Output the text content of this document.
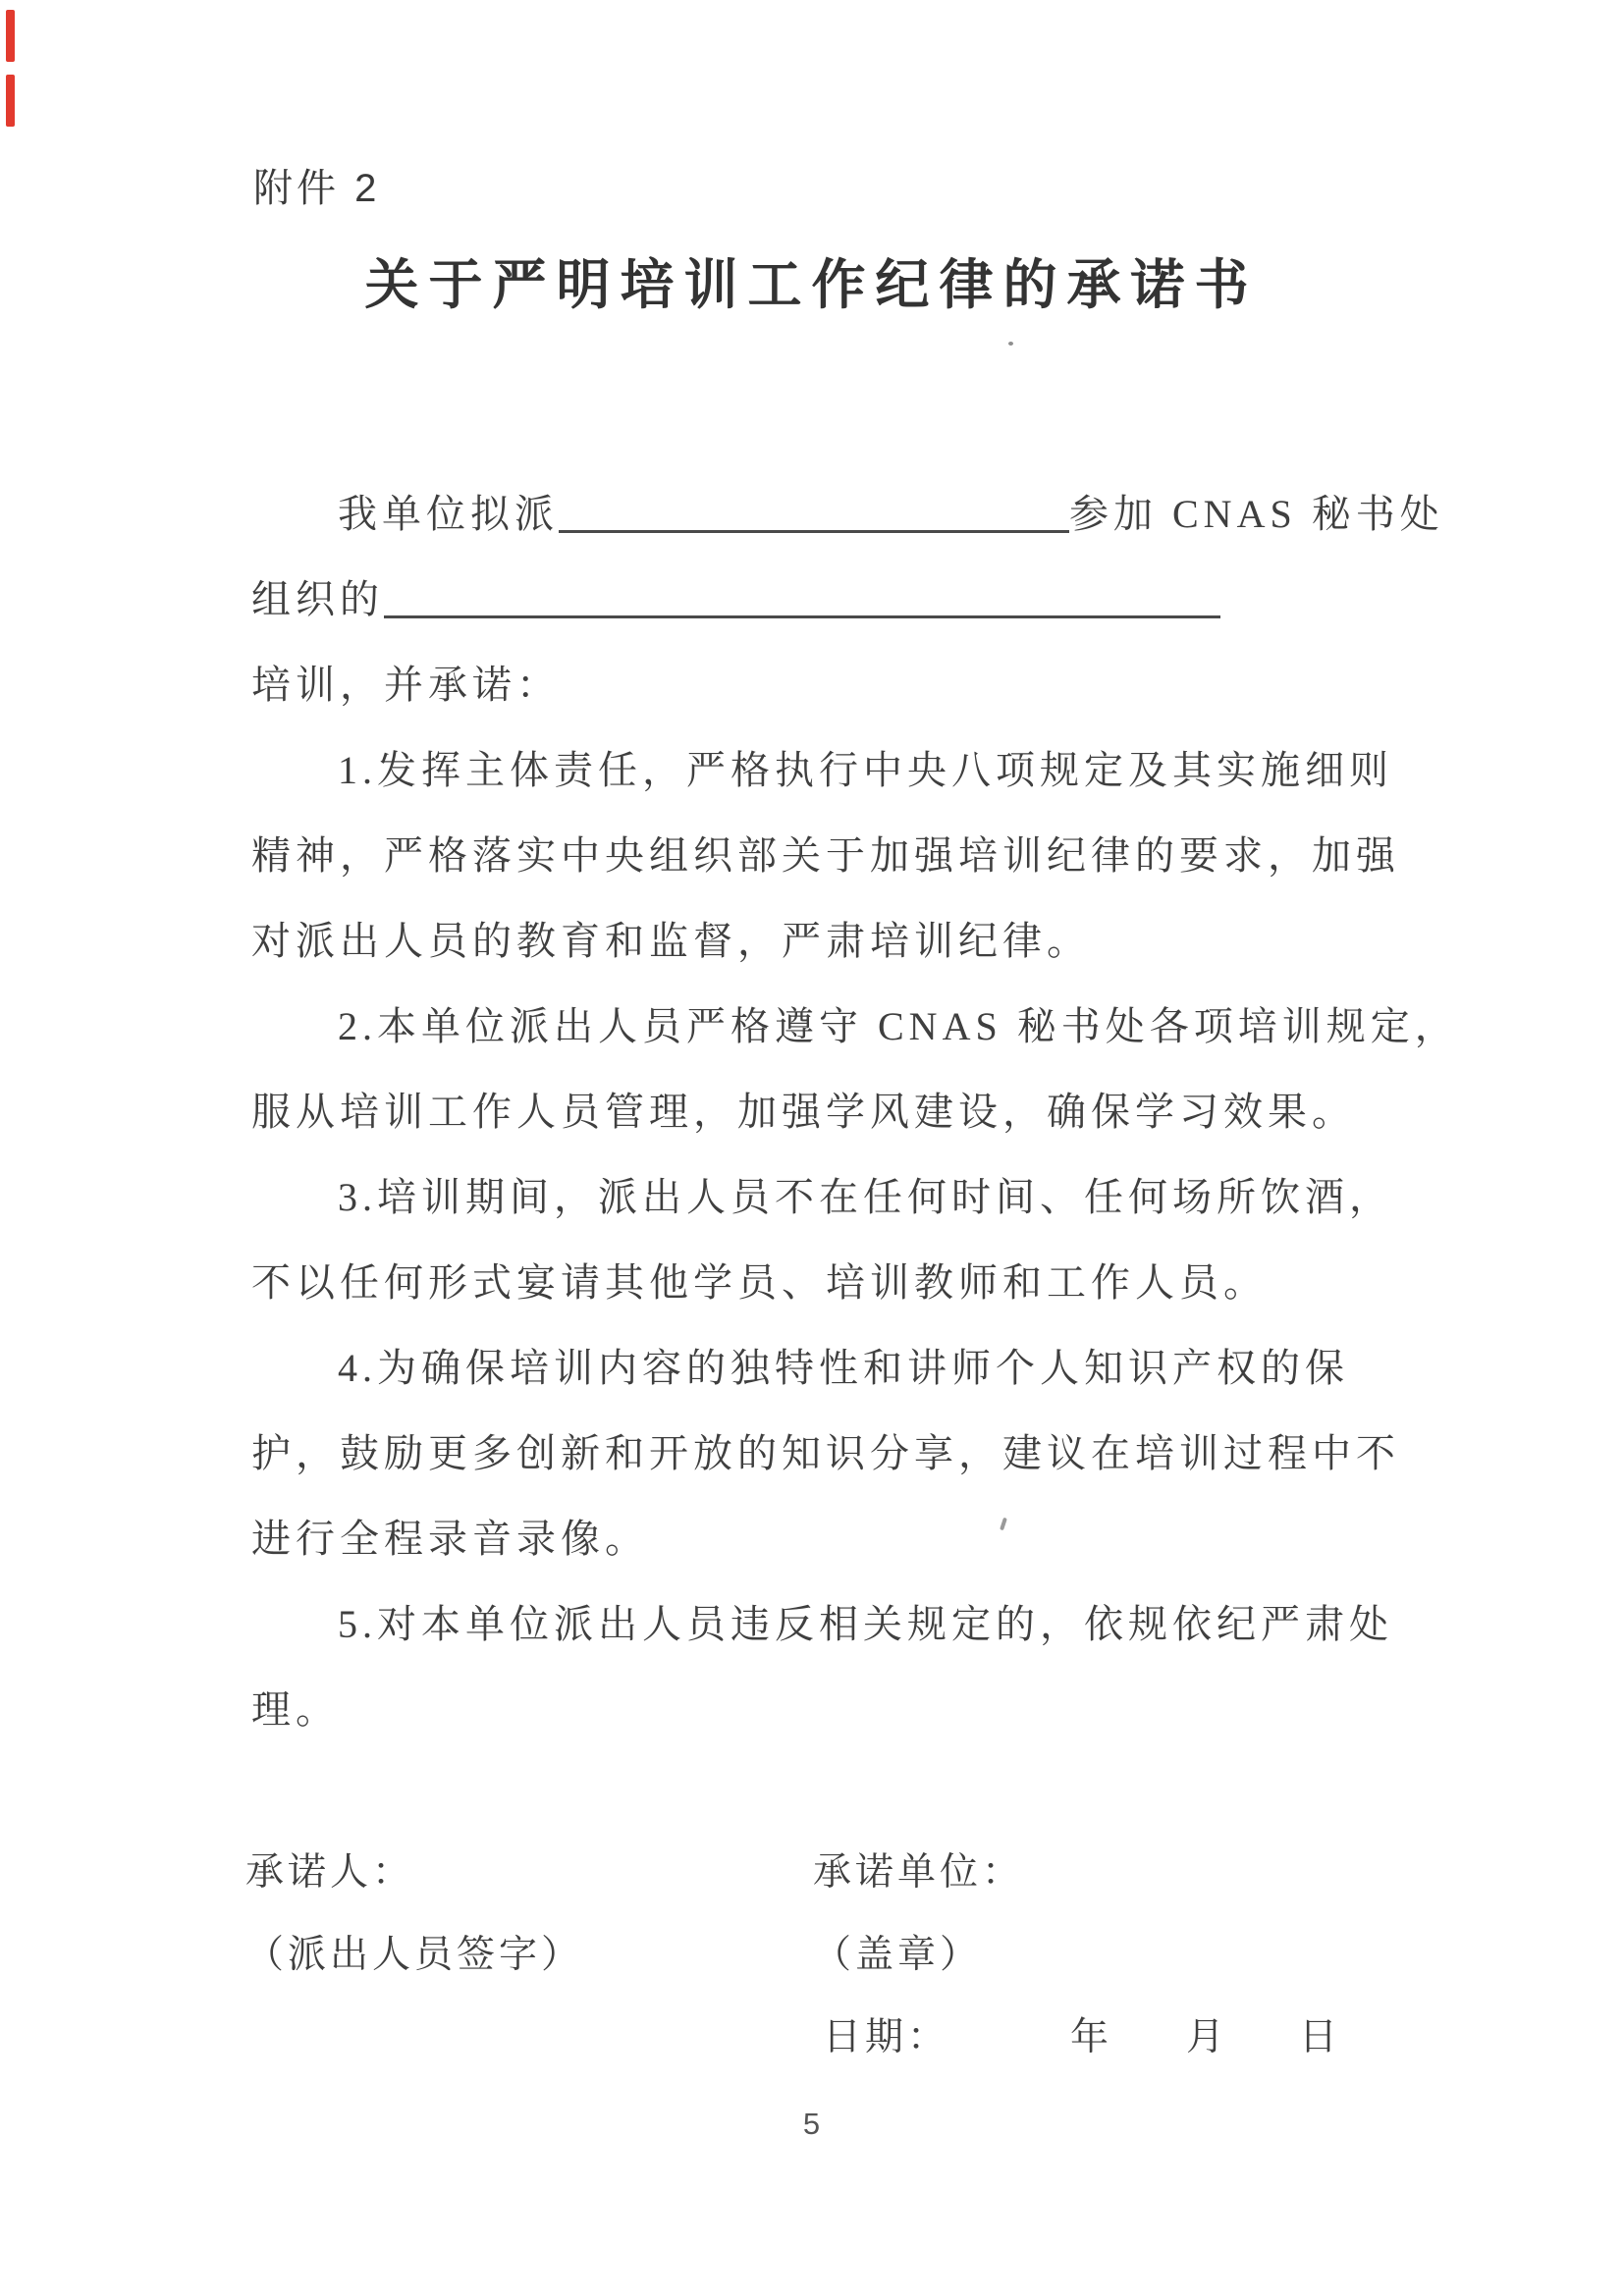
附件 2
关于严明培训工作纪律的承诺书
我单位拟派	参加 CNAS 秘书处
组织的
培训，并承诺：
1.发挥主体责任，严格执行中央八项规定及其实施细则
精神，严格落实中央组织部关于加强培训纪律的要求，加强
对派出人员的教育和监督，严肃培训纪律。
2.本单位派出人员严格遵守 CNAS 秘书处各项培训规定，
服从培训工作人员管理，加强学风建设，确保学习效果。
3.培训期间，派出人员不在任何时间、任何场所饮酒，
不以任何形式宴请其他学员、培训教师和工作人员。
4.为确保培训内容的独特性和讲师个人知识产权的保
护，鼓励更多创新和开放的知识分享，建议在培训过程中不
进行全程录音录像。
5.对本单位派出人员违反相关规定的，依规依纪严肃处
理。
承诺人：
（派出人员签字）
承诺单位：
（盖章）
日期：	年 月 日
5
